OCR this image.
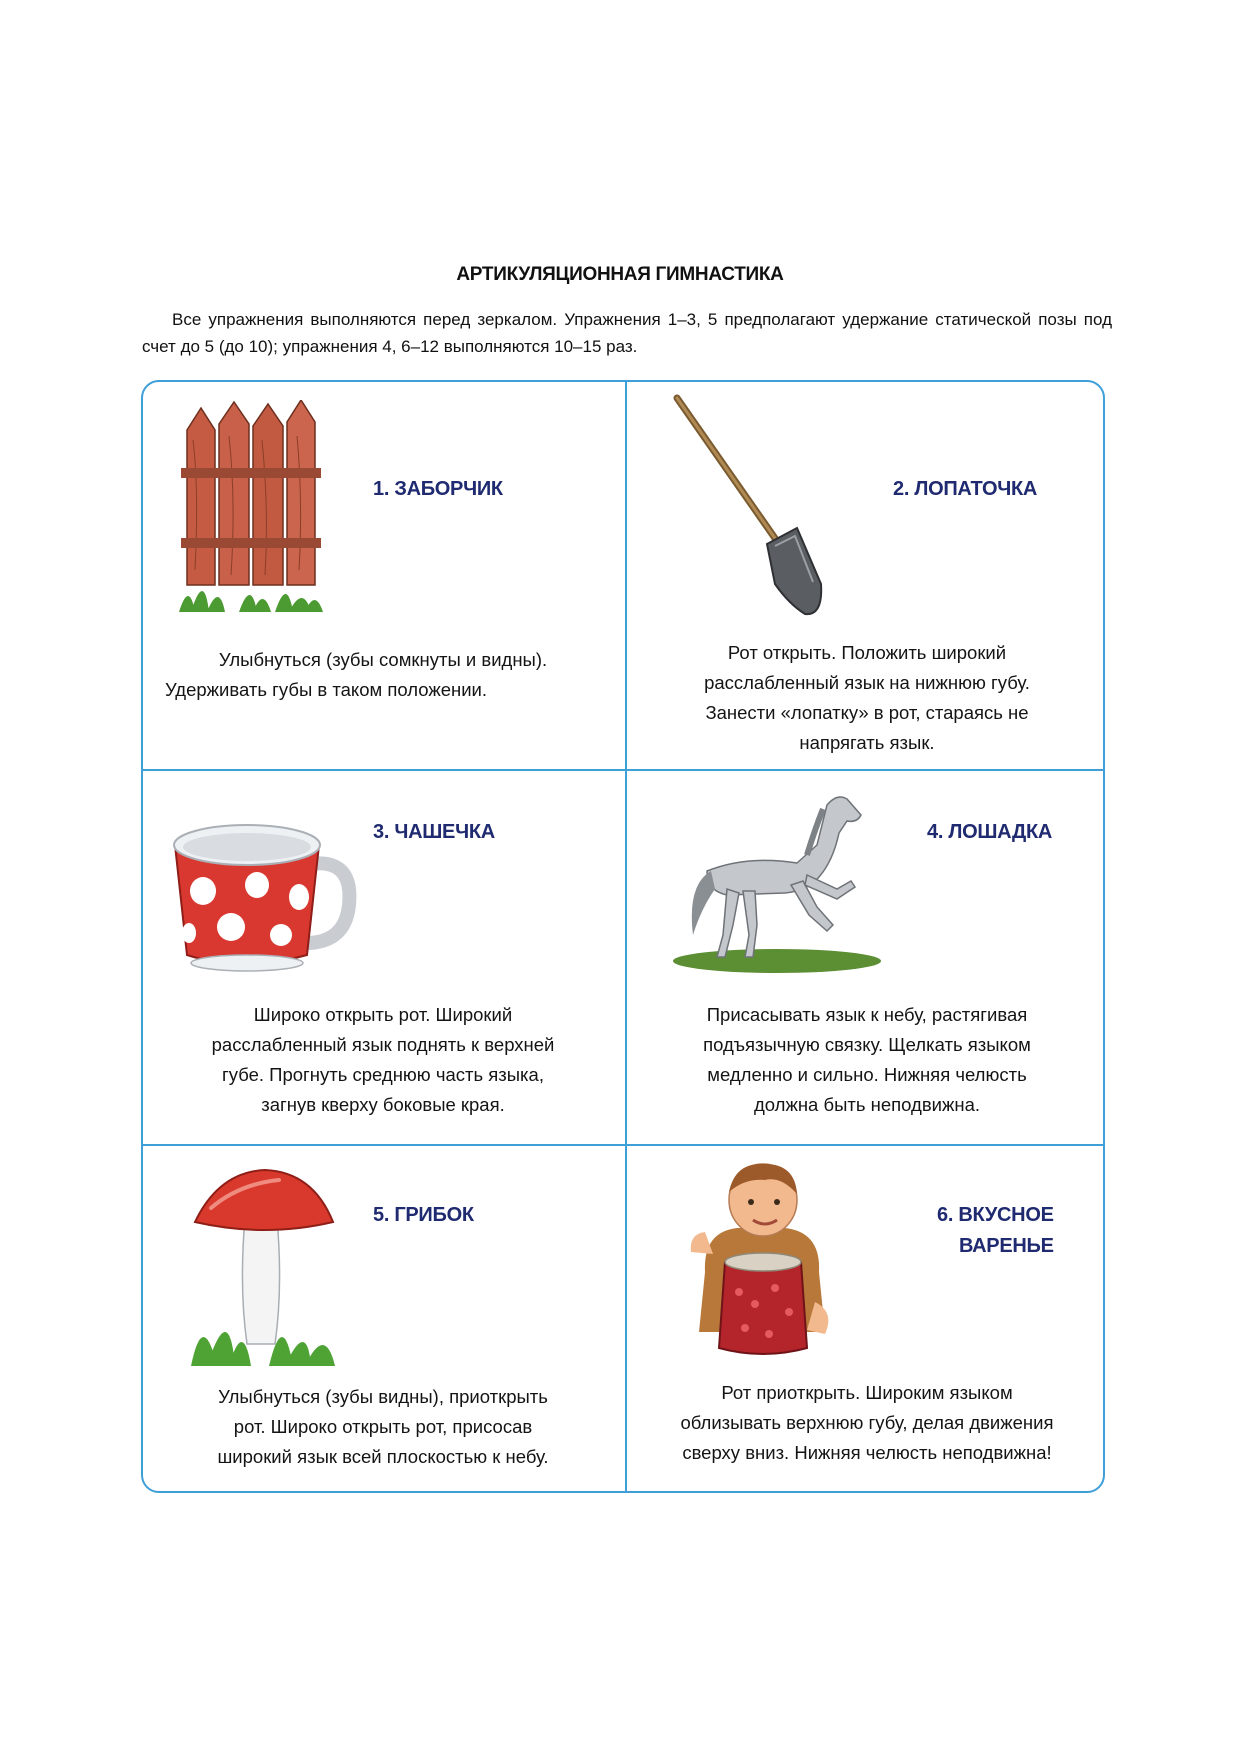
АРТИКУЛЯЦИОННАЯ ГИМНАСТИКА

Все упражнения выполняются перед зеркалом. Упражнения 1–3, 5 предполагают удержание статической позы под счет до 5 (до 10); упражнения 4, 6–12 выполняются 10–15 раз.

1. ЗАБОРЧИК
Улыбнуться (зубы сомкнуты и видны).
Удерживать губы в таком положении.
2. ЛОПАТОЧКА
Рот открыть. Положить широкий
расслабленный язык на нижнюю губу.
Занести «лопатку» в рот, стараясь не
напрягать язык.
3. ЧАШЕЧКА
Широко открыть рот. Широкий
расслабленный язык поднять к верхней
губе. Прогнуть среднюю часть языка,
загнув кверху боковые края.
4. ЛОШАДКА
Присасывать язык к небу, растягивая
подъязычную связку. Щелкать языком
медленно и сильно. Нижняя челюсть
должна быть неподвижна.
5. ГРИБОК
Улыбнуться (зубы видны), приоткрыть
рот. Широко открыть рот, присосав
широкий язык всей плоскостью к небу.
6. ВКУСНОЕ
ВАРЕНЬЕ
Рот приоткрыть. Широким языком
облизывать верхнюю губу, делая движения
сверху вниз. Нижняя челюсть неподвижна!
